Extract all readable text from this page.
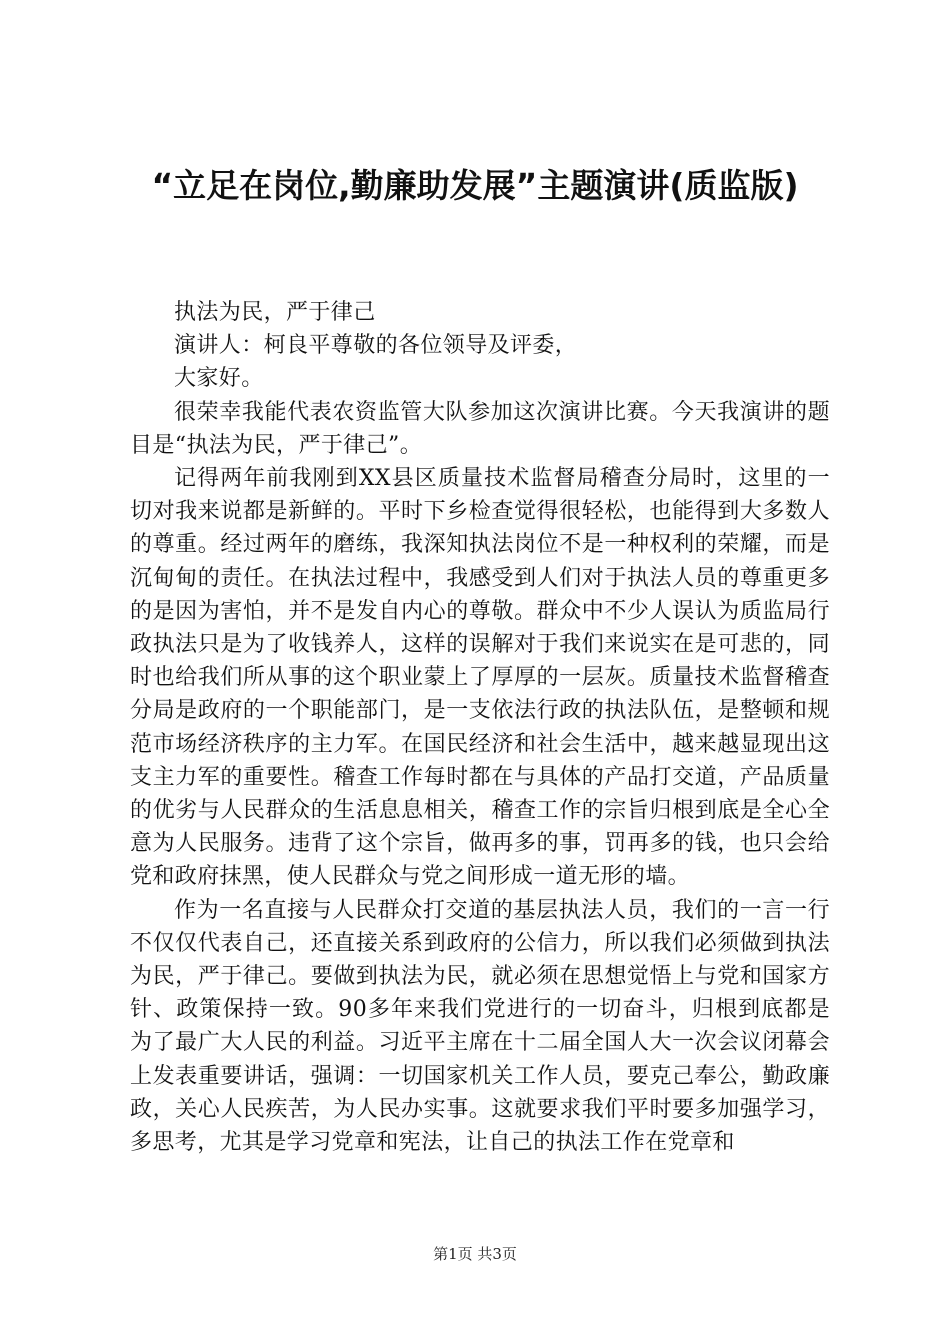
“立足在岗位,勤廉助发展”主题演讲(质监版)

执法为民，严于律己

演讲人：柯良平尊敬的各位领导及评委，

大家好。

很荣幸我能代表农资监管大队参加这次演讲比赛。今天我演讲的题目是“执法为民，严于律己”。

记得两年前我刚到XX县区质量技术监督局稽查分局时，这里的一切对我来说都是新鲜的。平时下乡检查觉得很轻松，也能得到大多数人的尊重。经过两年的磨练，我深知执法岗位不是一种权利的荣耀，而是沉甸甸的责任。在执法过程中，我感受到人们对于执法人员的尊重更多的是因为害怕，并不是发自内心的尊敬。群众中不少人误认为质监局行政执法只是为了收钱养人，这样的误解对于我们来说实在是可悲的，同时也给我们所从事的这个职业蒙上了厚厚的一层灰。质量技术监督稽查分局是政府的一个职能部门，是一支依法行政的执法队伍，是整顿和规范市场经济秩序的主力军。在国民经济和社会生活中，越来越显现出这支主力军的重要性。稽查工作每时都在与具体的产品打交道，产品质量的优劣与人民群众的生活息息相关，稽查工作的宗旨归根到底是全心全意为人民服务。违背了这个宗旨，做再多的事，罚再多的钱，也只会给党和政府抹黑，使人民群众与党之间形成一道无形的墙。

作为一名直接与人民群众打交道的基层执法人员，我们的一言一行不仅仅代表自己，还直接关系到政府的公信力，所以我们必须做到执法为民，严于律己。要做到执法为民，就必须在思想觉悟上与党和国家方针、政策保持一致。90多年来我们党进行的一切奋斗，归根到底都是为了最广大人民的利益。习近平主席在十二届全国人大一次会议闭幕会上发表重要讲话，强调：一切国家机关工作人员，要克己奉公，勤政廉政，关心人民疾苦，为人民办实事。这就要求我们平时要多加强学习，多思考，尤其是学习党章和宪法，让自己的执法工作在党章和

第1页 共3页
